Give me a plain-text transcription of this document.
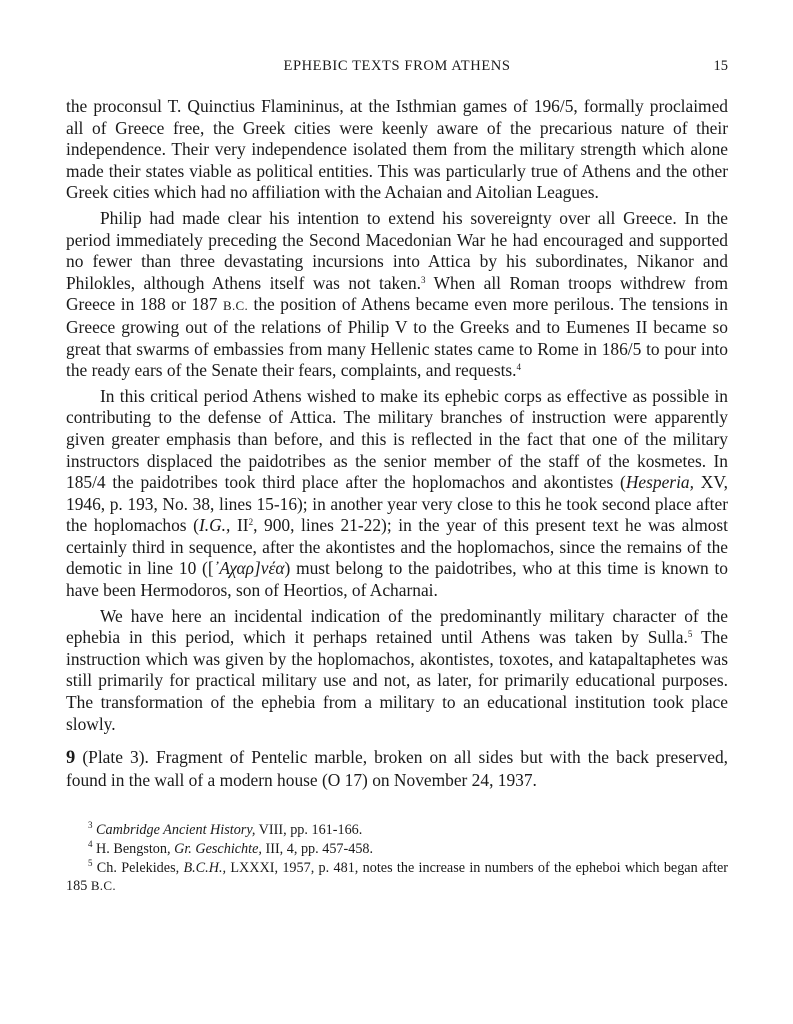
EPHEBIC TEXTS FROM ATHENS	15

the proconsul T. Quinctius Flamininus, at the Isthmian games of 196/5, formally proclaimed all of Greece free, the Greek cities were keenly aware of the precarious nature of their independence. Their very independence isolated them from the military strength which alone made their states viable as political entities. This was particularly true of Athens and the other Greek cities which had no affiliation with the Achaian and Aitolian Leagues.

Philip had made clear his intention to extend his sovereignty over all Greece. In the period immediately preceding the Second Macedonian War he had encouraged and supported no fewer than three devastating incursions into Attica by his subordinates, Nikanor and Philokles, although Athens itself was not taken.$^3$ When all Roman troops withdrew from Greece in 188 or 187 B.C. the position of Athens became even more perilous. The tensions in Greece growing out of the relations of Philip V to the Greeks and to Eumenes II became so great that swarms of embassies from many Hellenic states came to Rome in 186/5 to pour into the ready ears of the Senate their fears, complaints, and requests.$^4$

In this critical period Athens wished to make its ephebic corps as effective as possible in contributing to the defense of Attica. The military branches of instruction were apparently given greater emphasis than before, and this is reflected in the fact that one of the military instructors displaced the paidotribes as the senior member of the staff of the kosmetes. In 185/4 the paidotribes took third place after the hoplomachos and akontistes (Hesperia, XV, 1946, p. 193, No. 38, lines 15-16); in another year very close to this he took second place after the hoplomachos (I.G., $II^2$, 900, lines 21-22); in the year of this present text he was almost certainly third in sequence, after the akontistes and the hoplomachos, since the remains of the demotic in line 10 ([᾿Αχαρ]νέα) must belong to the paidotribes, who at this time is known to have been Hermodoros, son of Heortios, of Acharnai.

We have here an incidental indication of the predominantly military character of the ephebia in this period, which it perhaps retained until Athens was taken by Sulla.$^5$ The instruction which was given by the hoplomachos, akontistes, toxotes, and katapaltaphetes was still primarily for practical military use and not, as later, for primarily educational purposes. The transformation of the ephebia from a military to an educational institution took place slowly.

9 (Plate 3). Fragment of Pentelic marble, broken on all sides but with the back preserved, found in the wall of a modern house (O 17) on November 24, 1937.

$^3$ Cambridge Ancient History, VIII, pp. 161-166.

$^4$ H. Bengston, Gr. Geschichte, III, 4, pp. 457-458.

$^5$ Ch. Pelekides, B.C.H., LXXXI, 1957, p. 481, notes the increase in numbers of the epheboi which began after 185 B.C.
